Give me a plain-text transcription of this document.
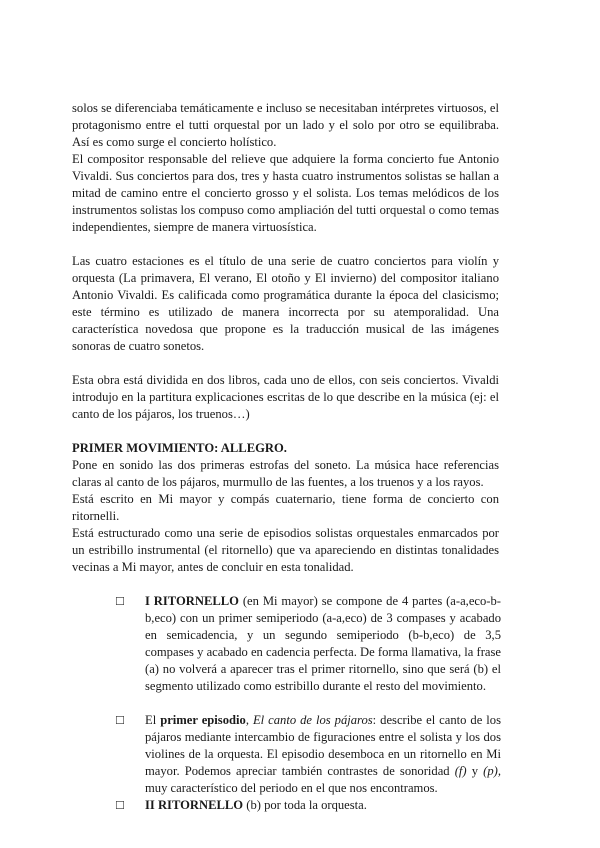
solos se diferenciaba temáticamente e incluso se necesitaban intérpretes virtuosos, el protagonismo entre el tutti orquestal por un lado y el solo por otro se equilibraba. Así es como surge el concierto holístico.

El compositor responsable del relieve que adquiere la forma concierto fue Antonio Vivaldi. Sus conciertos para dos, tres y hasta cuatro instrumentos solistas se hallan a mitad de camino entre el concierto grosso y el solista. Los temas melódicos de los instrumentos solistas los compuso como ampliación del tutti orquestal o como temas independientes, siempre de manera virtuosística.

Las cuatro estaciones es el título de una serie de cuatro conciertos para violín y orquesta (La primavera, El verano, El otoño y El invierno) del compositor italiano Antonio Vivaldi. Es calificada como programática durante la época del clasicismo; este término es utilizado de manera incorrecta por su atemporalidad. Una característica novedosa que propone es la traducción musical de las imágenes sonoras de cuatro sonetos.

Esta obra está dividida en dos libros, cada uno de ellos, con seis conciertos. Vivaldi introdujo en la partitura explicaciones escritas de lo que describe en la música (ej: el canto de los pájaros, los truenos…)

PRIMER MOVIMIENTO: ALLEGRO.

Pone en sonido las dos primeras estrofas del soneto. La música hace referencias claras al canto de los pájaros, murmullo de las fuentes, a los truenos y a los rayos.

Está escrito en Mi mayor y compás cuaternario, tiene forma de concierto con ritornelli.

Está estructurado como una serie de episodios solistas orquestales enmarcados por un estribillo instrumental (el ritornello) que va apareciendo en distintas tonalidades vecinas a Mi mayor, antes de concluir en esta tonalidad.

☐	I RITORNELLO (en Mi mayor) se compone de 4 partes (a-a,eco-b-b,eco) con un primer semiperiodo (a-a,eco) de 3 compases y acabado en semicadencia, y un segundo semiperiodo (b-b,eco) de 3,5 compases y acabado en cadencia perfecta. De forma llamativa, la frase (a) no volverá a aparecer tras el primer ritornello, sino que será (b) el segmento utilizado como estribillo durante el resto del movimiento.

☐	El primer episodio, El canto de los pájaros: describe el canto de los pájaros mediante intercambio de figuraciones entre el solista y los dos violines de la orquesta. El episodio desemboca en un ritornello en Mi mayor. Podemos apreciar también contrastes de sonoridad (f) y (p), muy característico del periodo en el que nos encontramos.

☐	II RITORNELLO (b) por toda la orquesta.
